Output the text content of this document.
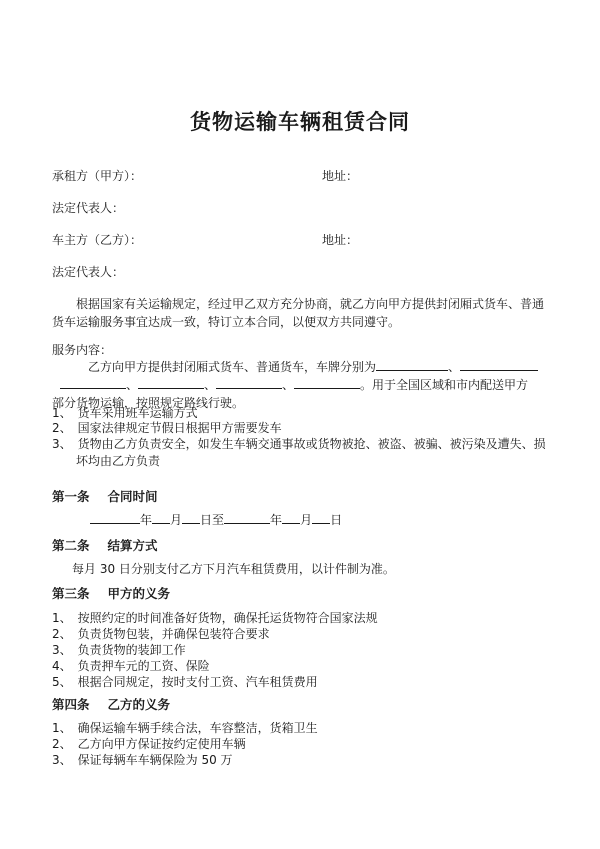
货物运输车辆租赁合同
承租方（甲方）：	地址：
法定代表人：
车主方（乙方）：	地址：
法定代表人：
根据国家有关运输规定，经过甲乙双方充分协商，就乙方向甲方提供封闭厢式货车、普通
货车运输服务事宜达成一致，特订立本合同，以便双方共同遵守。
服务内容：
乙方向甲方提供封闭厢式货车、普通货车，车牌分别为	、
、	、	、	。用于全国区域和市内配送甲方
部分货物运输，按照规定路线行驶。
1、 货车采用班车运输方式
2、 国家法律规定节假日根据甲方需要发车
3、 货物由乙方负责安全，如发生车辆交通事故或货物被抢、被盗、被骗、被污染及遭失、损
坏均由乙方负责
第一条 合同时间
年 月 日至	年 月 日
第二条 结算方式
每月 30 日分别支付乙方下月汽车租赁费用，以计件制为准。
第三条 甲方的义务
1、 按照约定的时间准备好货物，确保托运货物符合国家法规
2、 负责货物包装，并确保包装符合要求
3、 负责货物的装卸工作
4、 负责押车元的工资、保险
5、 根据合同规定，按时支付工资、汽车租赁费用
第四条 乙方的义务
1、 确保运输车辆手续合法，车容整洁，货箱卫生
2、 乙方向甲方保证按约定使用车辆
3、 保证每辆车车辆保险为 50 万
